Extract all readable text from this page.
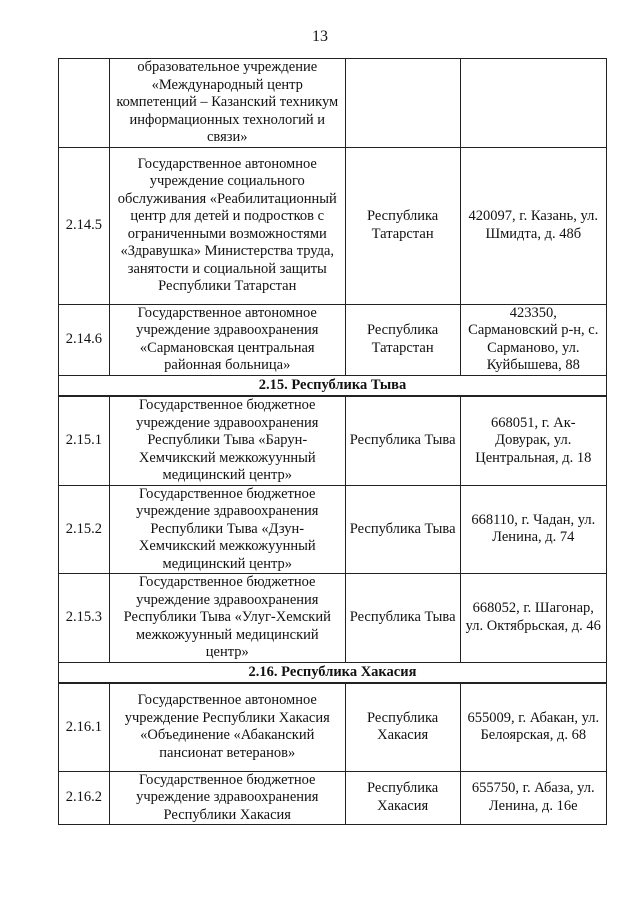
13
	образовательное учреждение «Международный центр компетенций – Казанский техникум информационных технологий и связи»		
2.14.5	Государственное автономное учреждение социального обслуживания «Реабилитационный центр для детей и подростков с ограниченными возможностями «Здравушка» Министерства труда, занятости и социальной защиты Республики Татарстан	Республика Татарстан	420097, г. Казань, ул. Шмидта, д. 48б
2.14.6	Государственное автономное учреждение здравоохранения «Сармановская центральная районная больница»	Республика Татарстан	423350, Сармановский р-н, с. Сарманово, ул. Куйбышева, 88
2.15. Республика Тыва			
2.15.1	Государственное бюджетное учреждение здравоохранения Республики Тыва «Барун-Хемчикский межкожуунный медицинский центр»	Республика Тыва	668051, г. Ак-Довурак, ул. Центральная, д. 18
2.15.2	Государственное бюджетное учреждение здравоохранения Республики Тыва «Дзун-Хемчикский межкожуунный медицинский центр»	Республика Тыва	668110, г. Чадан, ул. Ленина, д. 74
2.15.3	Государственное бюджетное учреждение здравоохранения Республики Тыва «Улуг-Хемский межкожуунный медицинский центр»	Республика Тыва	668052, г. Шагонар, ул. Октябрьская, д. 46
2.16. Республика Хакасия			
2.16.1	Государственное автономное учреждение Республики Хакасия «Объединение «Абаканский пансионат ветеранов»	Республика Хакасия	655009, г. Абакан, ул. Белоярская, д. 68
2.16.2	Государственное бюджетное учреждение здравоохранения Республики Хакасия	Республика Хакасия	655750, г. Абаза, ул. Ленина, д. 16е
